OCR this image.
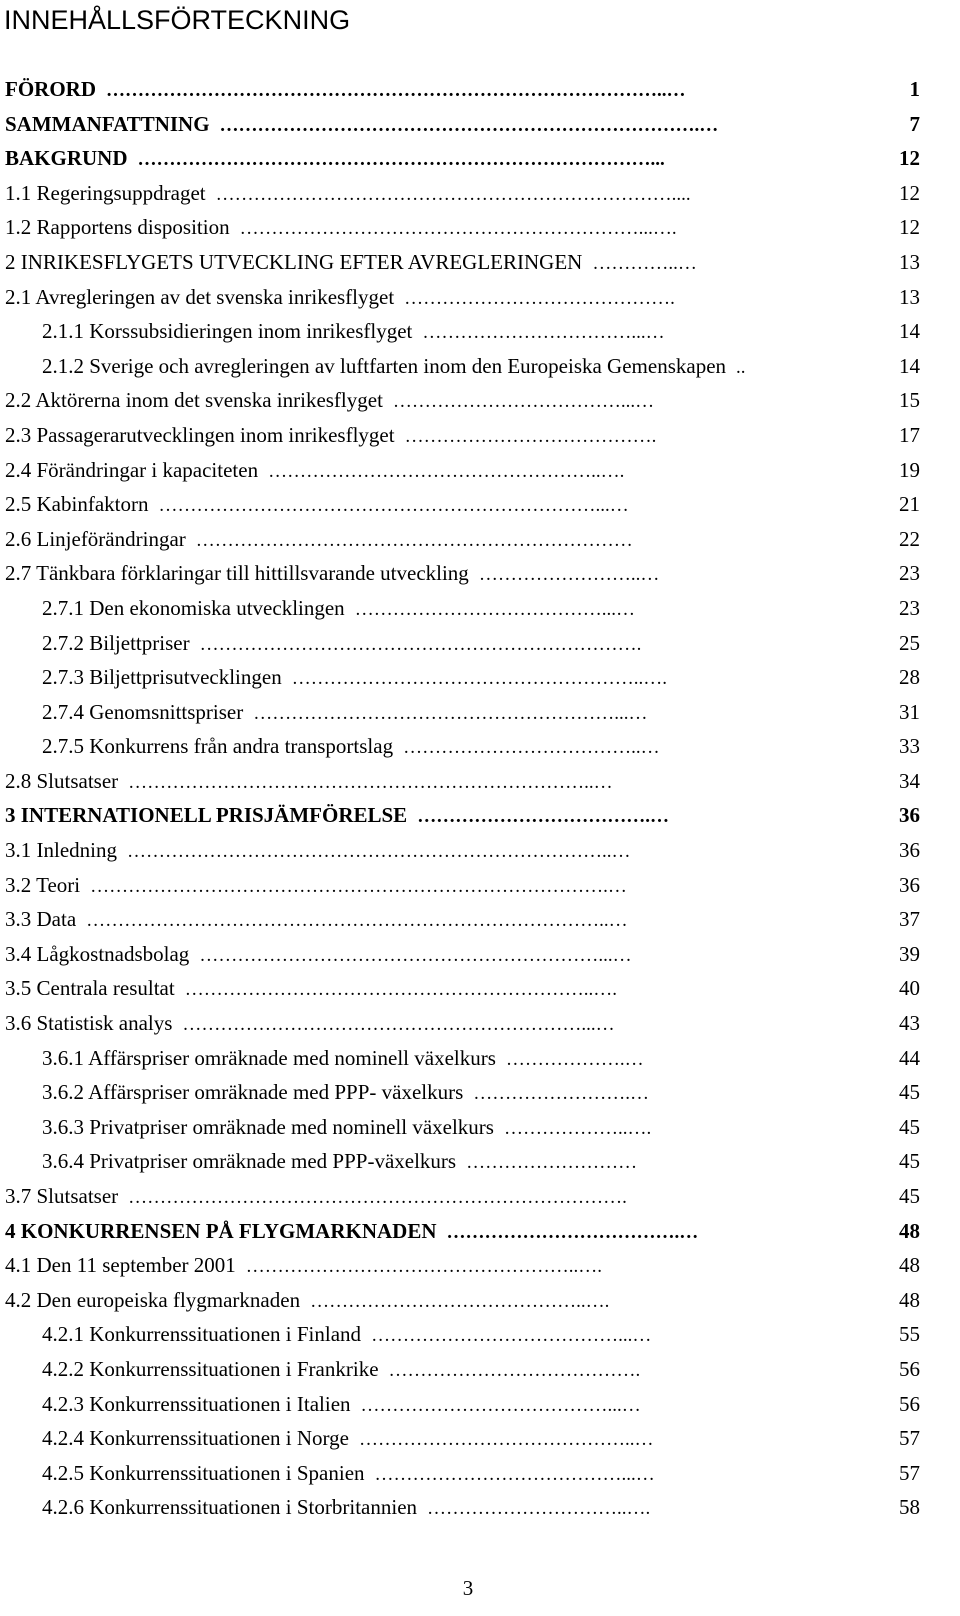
INNEHÅLLSFÖRTECKNING
FÖRORD ……………………………………………………………………………..…	1
SAMMANFATTNING ………………………………………………………………….…	7
BAKGRUND ………………………………………………………………………...	12
1.1 Regeringsuppdraget ………………………………………………………………....	12
1.2 Rapportens disposition ………………………………………………………...….	12
2 INRIKESFLYGETS UTVECKLING EFTER AVREGLERINGEN …………..…	13
2.1 Avregleringen av det svenska inrikesflyget …………………………………….	13
2.1.1 Korssubsidieringen inom inrikesflyget ……………………………...…	14
2.1.2 Sverige och avregleringen av luftfarten inom den Europeiska Gemenskapen ..	14
2.2 Aktörerna inom det svenska inrikesflyget ………………………………...…	15
2.3 Passagerarutvecklingen inom inrikesflyget ………………………………….	17
2.4 Förändringar i kapaciteten ……………………………………………..….	19
2.5 Kabinfaktorn ……………………………………………………………...…	21
2.6 Linjeförändringar ……………………………………………………………	22
2.7 Tänkbara förklaringar till hittillsvarande utveckling ……………………..…	23
2.7.1 Den ekonomiska utvecklingen …………………………………...…	23
2.7.2 Biljettpriser …………………………………………………………….	25
2.7.3 Biljettprisutvecklingen ………………………………………………..….	28
2.7.4 Genomsnittspriser …………………………………………………...…	31
2.7.5 Konkurrens från andra transportslag ………………………………..…	33
2.8 Slutsatser ………………………………………………………………..…	34
3 INTERNATIONELL PRISJÄMFÖRELSE ……………………………….…	36
3.1 Inledning …………………………………………………………………..…	36
3.2 Teori ……………………………………………………………………….…	36
3.3 Data ………………………………………………………………………..…	37
3.4 Lågkostnadsbolag ………………………………………………………...…	39
3.5 Centrala resultat ………………………………………………………..….	40
3.6 Statistisk analys ………………………………………………………...…	43
3.6.1 Affärspriser omräknade med nominell växelkurs ……………….…	44
3.6.2 Affärspriser omräknade med PPP- växelkurs …………………….…	45
3.6.3 Privatpriser omräknade med nominell växelkurs ………………..….	45
3.6.4 Privatpriser omräknade med PPP-växelkurs ………………………	45
3.7 Slutsatser …………………………………………………………………….	45
4 KONKURRENSEN PÅ FLYGMARKNADEN ……………………………….…	48
4.1 Den 11 september 2001 ……………………………………………..….	48
4.2 Den europeiska flygmarknaden ……………………………………..….	48
4.2.1 Konkurrenssituationen i Finland …………………………………...…	55
4.2.2 Konkurrenssituationen i Frankrike ………………………………….	56
4.2.3 Konkurrenssituationen i Italien …………………………………...…	56
4.2.4 Konkurrenssituationen i Norge ……………………………………..…	57
4.2.5 Konkurrenssituationen i Spanien …………………………………...…	57
4.2.6 Konkurrenssituationen i Storbritannien …………………………..….	58
3
